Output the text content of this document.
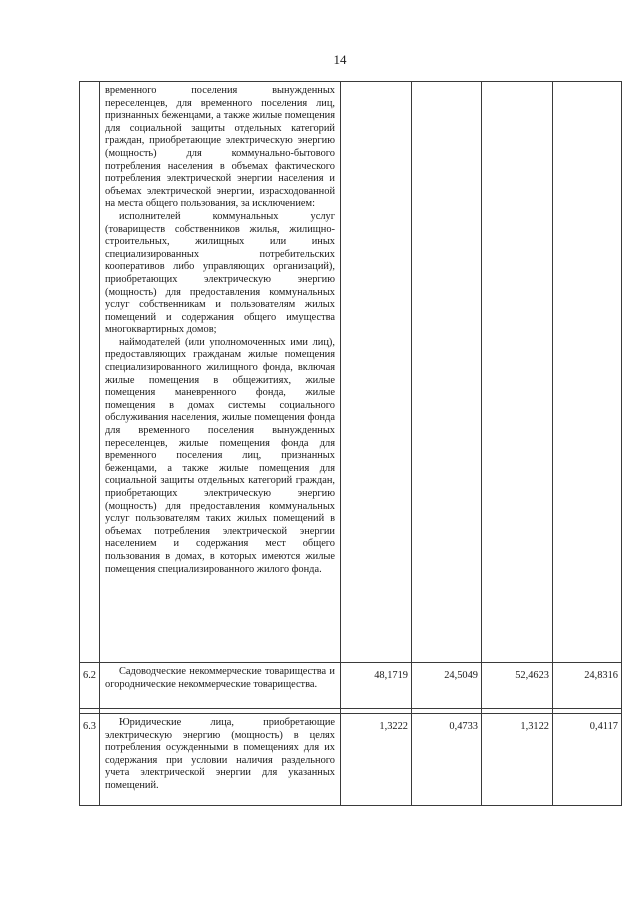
14

	временного поселения вынужденных переселенцев, для временного поселения лиц, признанных беженцами, а также жилые помещения для социальной защиты отдельных категорий граждан, приобретающие электрическую энергию (мощность) для коммунально-бытового потребления населения в объемах фактического потребления электрической энергии населения и объемах электрической энергии, израсходованной на места общего пользования, за исключением:

исполнителей коммунальных услуг (товариществ собственников жилья, жилищно-строительных, жилищных или иных специализированных потребительских кооперативов либо управляющих организаций), приобретающих электрическую энергию (мощность) для предоставления коммунальных услуг собственникам и пользователям жилых помещений и содержания общего имущества многоквартирных домов;

наймодателей (или уполномоченных ими лиц), предоставляющих гражданам жилые помещения специализированного жилищного фонда, включая жилые помещения в общежитиях, жилые помещения маневренного фонда, жилые помещения в домах системы социального обслуживания населения, жилые помещения фонда для временного поселения вынужденных переселенцев, жилые помещения фонда для временного поселения лиц, признанных беженцами, а также жилые помещения для социальной защиты отдельных категорий граждан, приобретающих электрическую энергию (мощность) для предоставления коммунальных услуг пользователям таких жилых помещений в объемах потребления электрической энергии населением и содержания мест общего пользования в домах, в которых имеются жилые помещения специализированного жилого фонда.				

6.2	Садоводческие некоммерческие товарищества и огороднические некоммерческие товарищества.	48,1719	24,5049	52,4623	24,8316

6.3	Юридические лица, приобретающие электрическую энергию (мощность) в целях потребления осужденными в помещениях для их содержания при условии наличия раздельного учета электрической энергии для указанных помещений.	1,3222	0,4733	1,3122	0,4117
